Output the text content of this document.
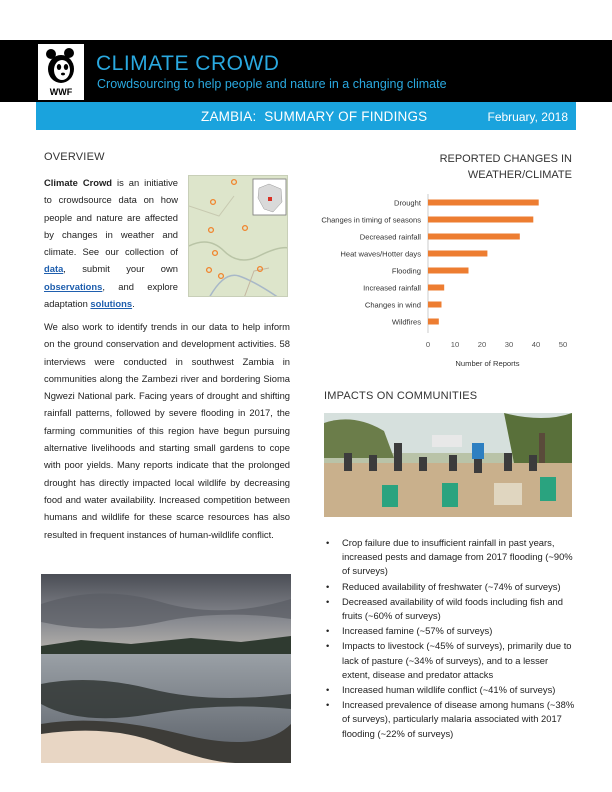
WWF
CLIMATE CROWD
Crowdsourcing to help people and nature in a changing climate
ZAMBIA:  SUMMARY OF FINDINGS	February, 2018
OVERVIEW
Climate Crowd is an initiative to crowdsource data on how people and nature are affected by changes in weather and climate. See our collection of data, submit your own observations, and explore adaptation solutions.
We also work to identify trends in our data to help inform on the ground conservation and development activities. 58 interviews were conducted in southwest Zambia in communities along the Zambezi river and bordering Sioma Ngwezi National park. Facing years of drought and shifting rainfall patterns, followed by severe flooding in 2017, the farming communities of this region have begun pursuing alternative livelihoods and starting small gardens to cope with poor yields. Many reports indicate that the prolonged drought has directly impacted local wildlife by decreasing food and water availability. Increased competition between humans and wildlife for these scarce resources has also resulted in frequent instances of human-wildlife conflict.
REPORTED CHANGES IN
WEATHER/CLIMATE
Drought
Changes in timing of seasons
Decreased rainfall
Heat waves/Hotter days
Flooding
Increased rainfall
Changes in wind
Wildfires
0	10 20 30 40 50
Number of Reports
IMPACTS ON COMMUNITIES
• Crop failure due to insufficient rainfall in past years, increased pests and damage from 2017 flooding (~90% of surveys)
• Reduced availability of freshwater (~74% of surveys)
• Decreased availability of wild foods including fish and fruits (~60% of surveys)
• Increased famine (~57% of surveys)
• Impacts to livestock (~45% of surveys), primarily due to lack of pasture (~34% of surveys), and to a lesser extent, disease and predator attacks
• Increased human wildlife conflict (~41% of surveys)
• Increased prevalence of disease among humans (~38% of surveys), particularly malaria associated with 2017 flooding (~22% of surveys)
